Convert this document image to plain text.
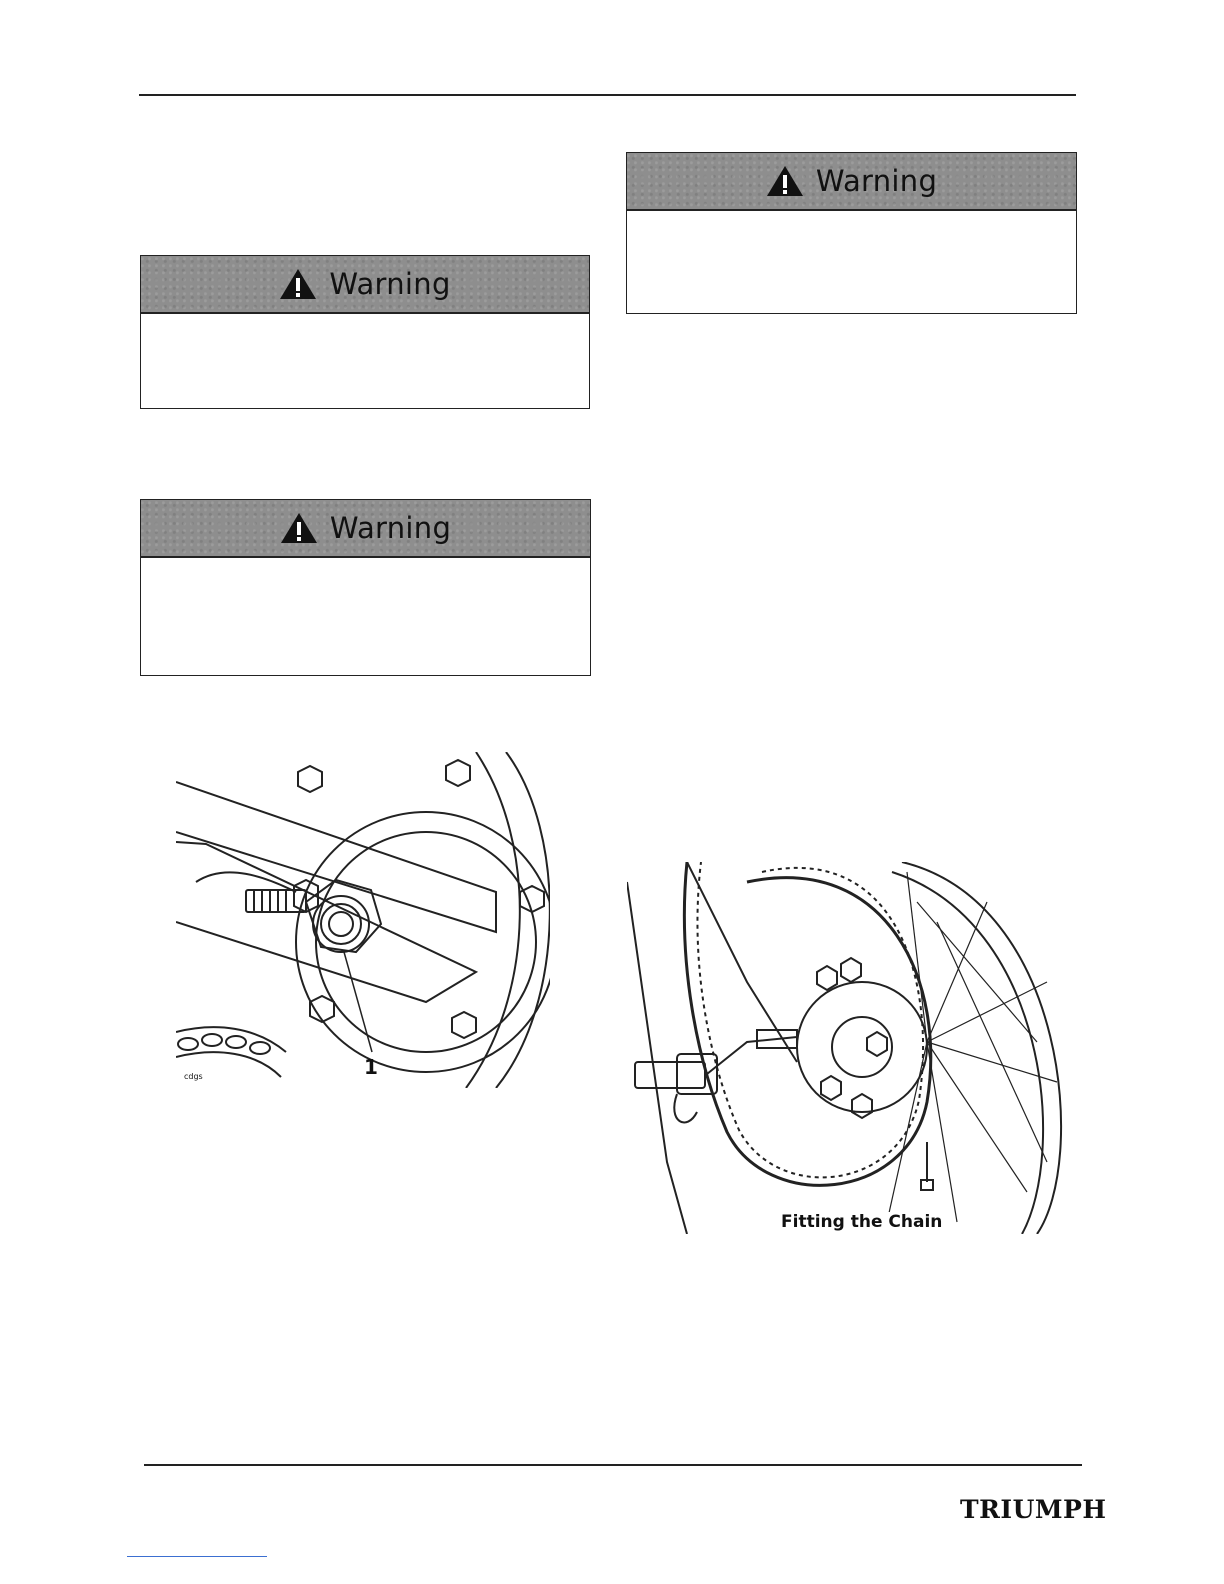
Warning
Warning
Warning
1
cdgs
Fitting the Chain
TRIUMPH
